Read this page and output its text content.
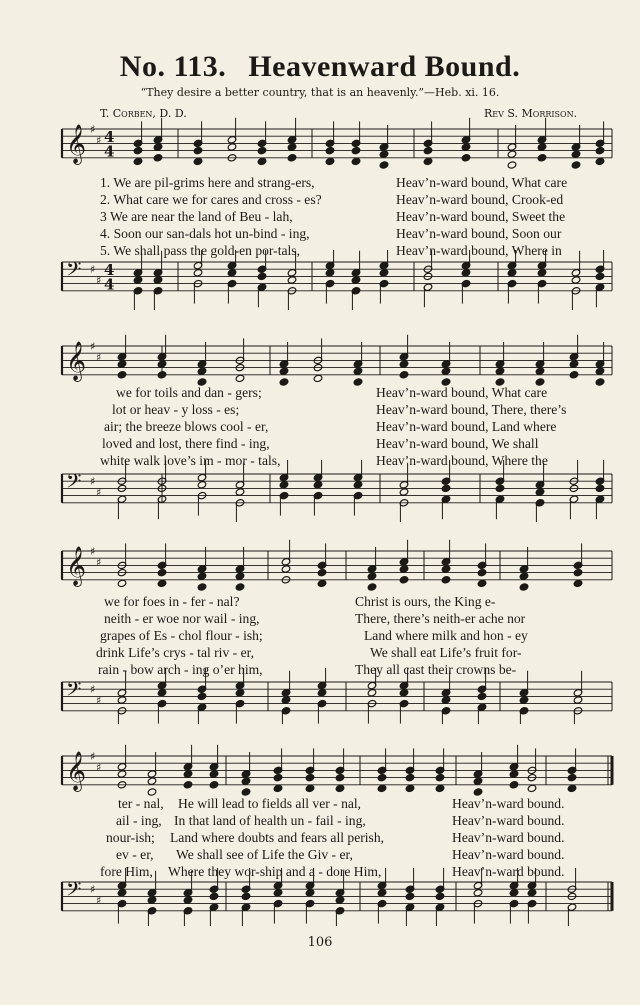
No. 113. Heavenward Bound.
“They desire a better country, that is an heavenly.”—Heb. xi. 16.
T. Corben, D. D.	Rev S. Morrison.
𝄞 ♯
♯ 4
4
1. We are pil-grims here and strang-ers,	Heav’n-ward bound, What care
2. What care we for cares and cross - es?	Heav’n-ward bound, Crook-ed
3 We are near the land of Beu - lah,	Heav’n-ward bound, Sweet the
4. Soon our san-dals hot un-bind - ing,	Heav’n-ward bound, Soon our
5. We shall pass the gold-en por-tals,	Heav’n-ward bound, Where in
𝄢 ♯
♯
4
4
𝄞 ♯
♯
we for toils and dan - gers;	Heav’n-ward bound, What care
lot or heav - y loss - es;	Heav’n-ward bound, There, there’s
air; the breeze blows cool - er,	Heav’n-ward bound, Land where
loved and lost, there find - ing,	Heav’n-ward bound, We shall
white walk love’s im - mor - tals,	Heav’n-ward bound, Where the
𝄢 ♯
♯
𝄞 ♯
♯
we for foes in - fer - nal?	Christ is ours, the King e-
neith - er woe nor wail - ing,	There, there’s neith-er ache nor
grapes of Es - chol flour - ish;	Land where milk and hon - ey
drink Life’s crys - tal riv - er,	We shall eat Life’s fruit for-
rain - bow arch - ing o’er him,	They all cast their crowns be-
𝄢 ♯
♯
𝄞 ♯
♯
ter - nal, He will lead to fields all ver - nal,	Heav’n-ward bound.
ail - ing, In that land of health un - fail - ing,	Heav’n-ward bound.
nour-ish; Land where doubts and fears all perish,	Heav’n-ward bound.
ev - er, We shall see of Life the Giv - er,	Heav’n-ward bound.
fore Him, Where they wor-ship and a - dore Him,	Heav’n-ward bound.
𝄢 ♯
♯
106
